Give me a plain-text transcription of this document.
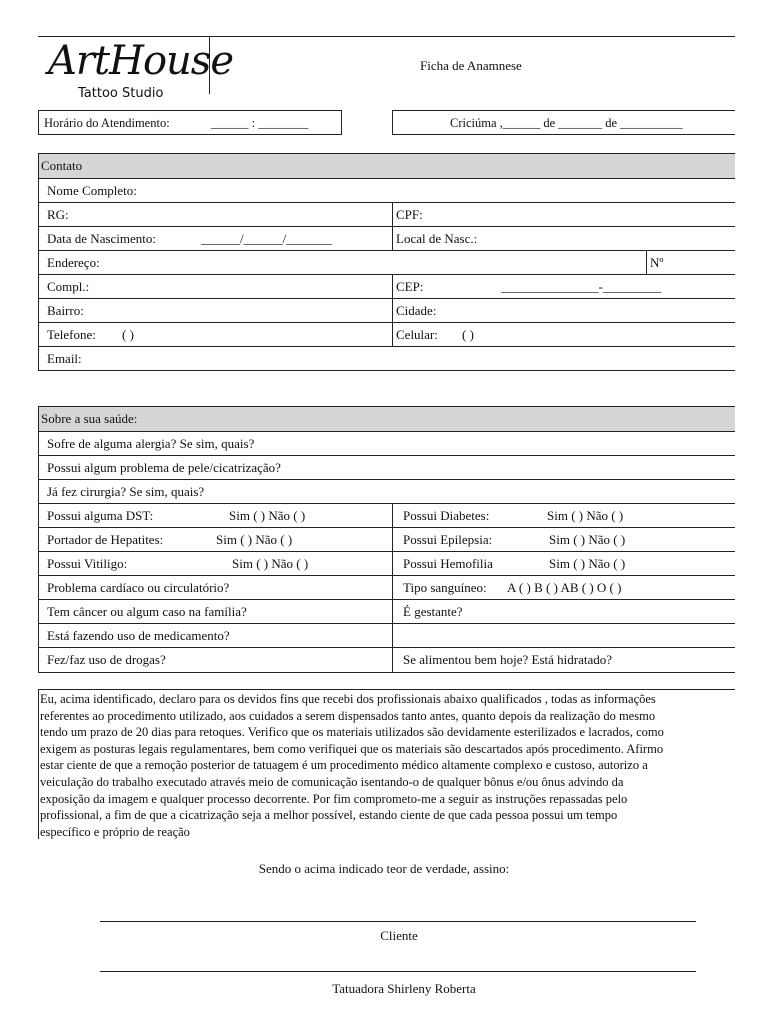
ArtHouse
Tattoo Studio
Ficha de Anamnese
Horário do Atendimento:	______ : ________	Criciúma ,______ de _______ de __________
Contato
Nome Completo:
RG:	CPF:
Data de Nascimento:	______/______/_______	Local de Nasc.:
Endereço:	Nº
Compl.:	CEP:	_______________-_________
Bairro:	Cidade:
Telefone: ( )	Celular: ( )
Email:
Sobre a sua saúde:
Sofre de alguma alergia? Se sim, quais?
Possui algum problema de pele/cicatrização?
Já fez cirurgia? Se sim, quais?
Possui alguma DST:	Sim ( ) Não ( )	Possui Diabetes:	Sim ( ) Não ( )
Portador de Hepatites:	Sim ( ) Não ( )	Possui Epilepsia:	Sim ( ) Não ( )
Possui Vitiligo:	Sim ( ) Não ( )	Possui Hemofilia	Sim ( ) Não ( )
Problema cardíaco ou circulatório?	Tipo sanguíneo: A ( ) B ( ) AB ( ) O ( )
Tem câncer ou algum caso na família?	É gestante?
Está fazendo uso de medicamento?
Fez/faz uso de drogas?	Se alimentou bem hoje? Está hidratado?
Eu, acima identificado, declaro para os devidos fins que recebi dos profissionais abaixo qualificados , todas as informações
referentes ao procedimento utilizado, aos cuidados a serem dispensados tanto antes, quanto depois da realização do mesmo
tendo um prazo de 20 dias para retoques. Verifico que os materiais utilizados são devidamente esterilizados e lacrados, como
exigem as posturas legais regulamentares, bem como verifiquei que os materiais são descartados após procedimento. Afirmo
estar ciente de que a remoção posterior de tatuagem é um procedimento médico altamente complexo e custoso, autorizo a
veiculação do trabalho executado através meio de comunicação isentando-o de qualquer bônus e/ou ônus advindo da
exposição da imagem e qualquer processo decorrente. Por fim comprometo-me a seguir as instruções repassadas pelo
profissional, a fim de que a cicatrização seja a melhor possível, estando ciente de que cada pessoa possui um tempo
específico e próprio de reação
Sendo o acima indicado teor de verdade, assino:
Cliente
Tatuadora Shirleny Roberta
